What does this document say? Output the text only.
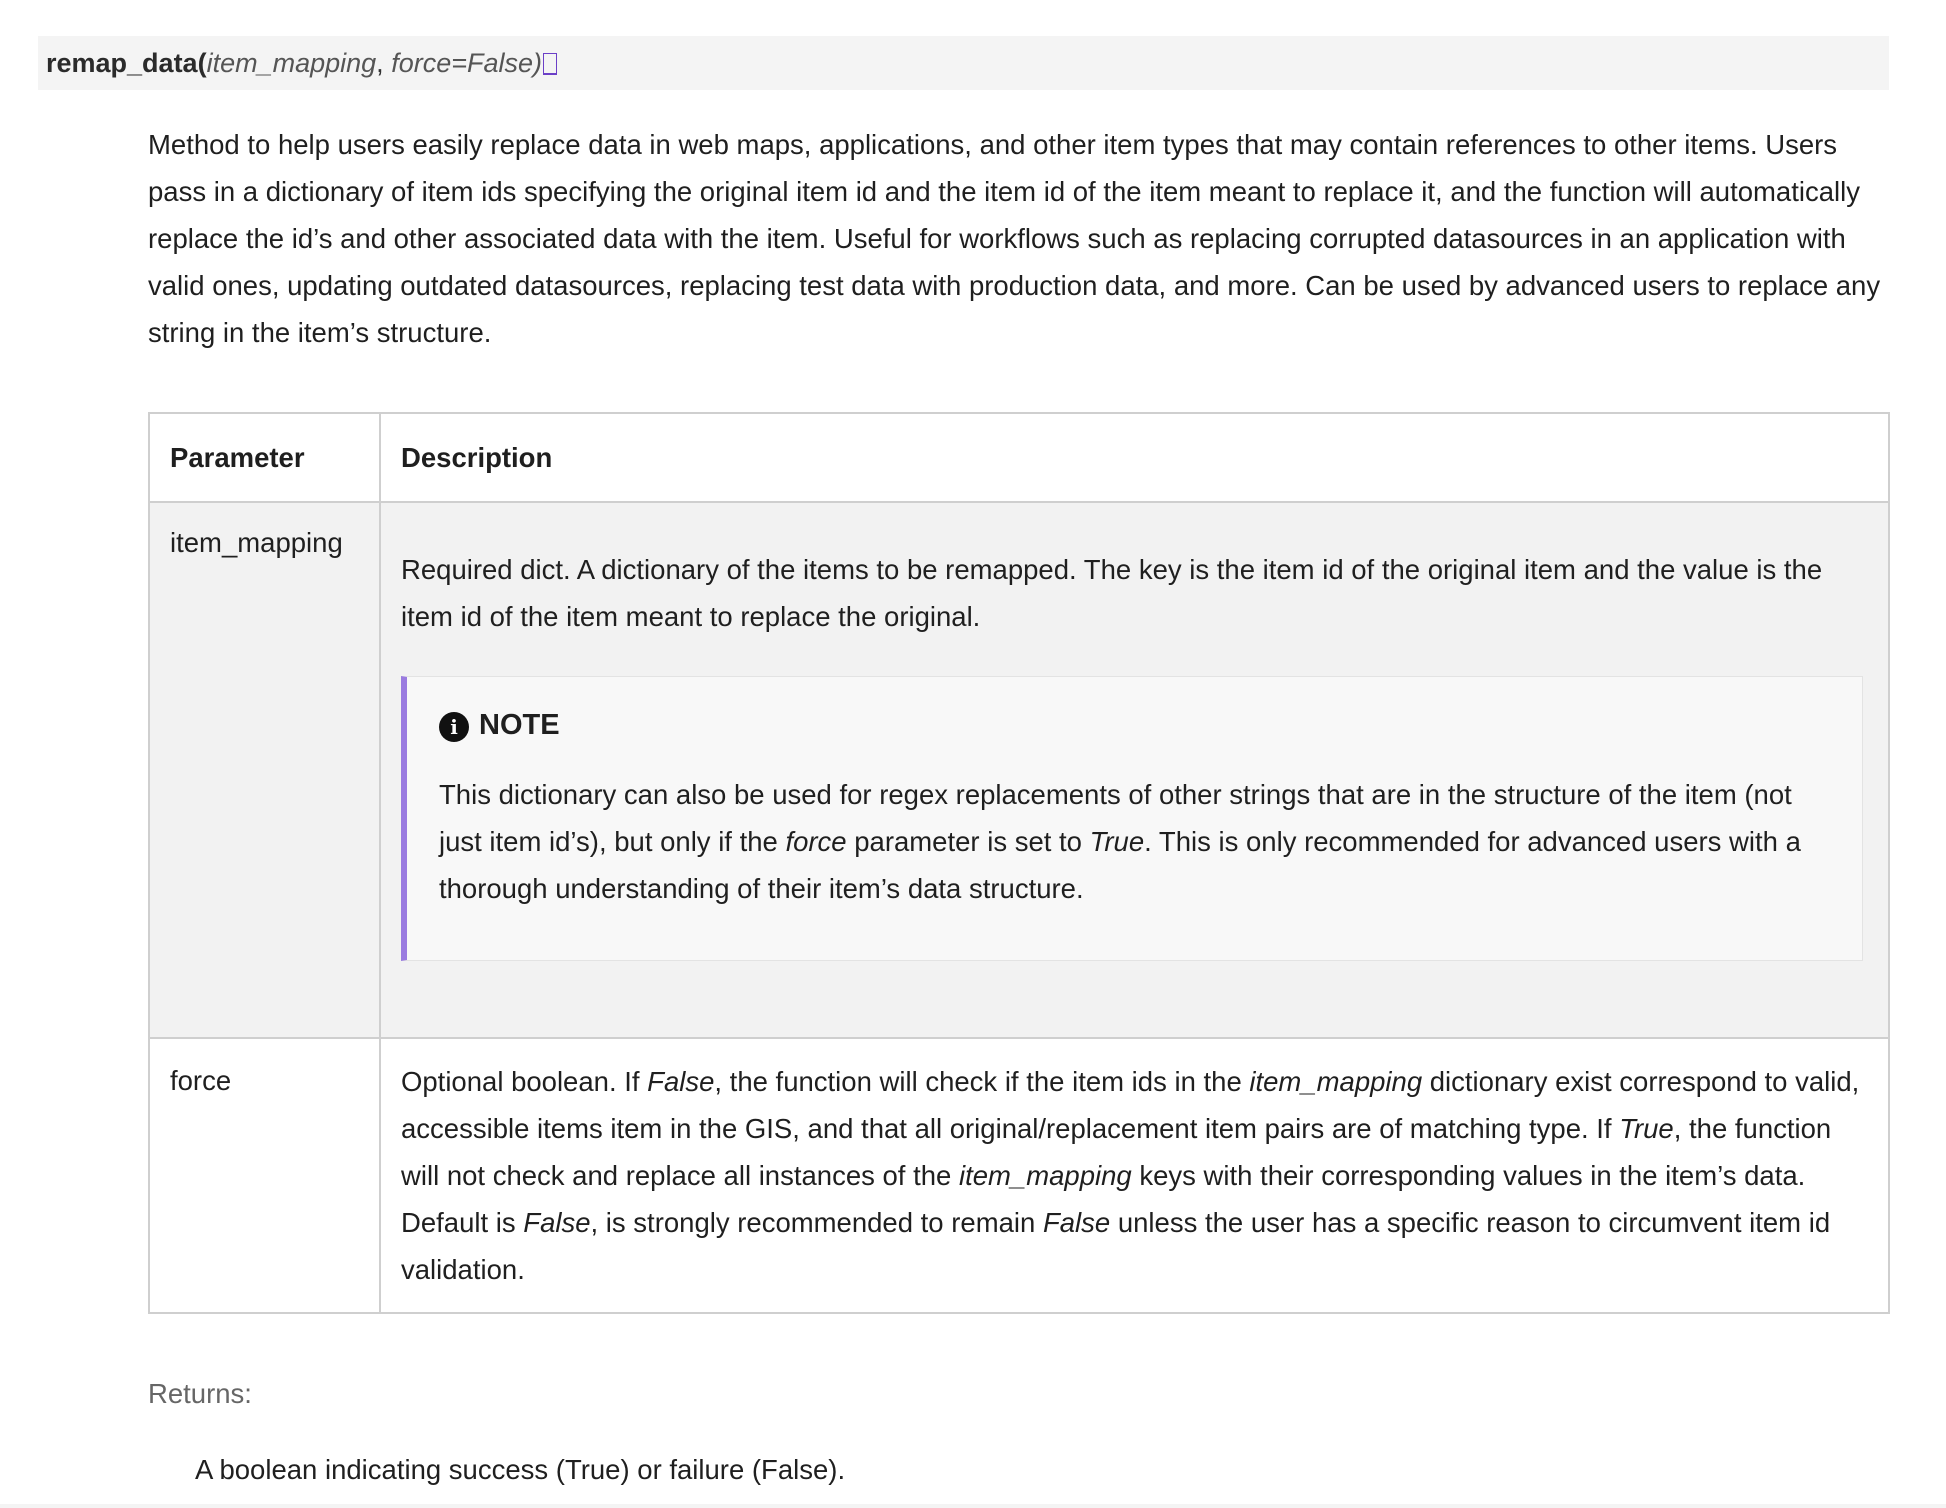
remap_data(item_mapping, force=False)

Method to help users easily replace data in web maps, applications, and other item types that may contain references to other items. Users pass in a dictionary of item ids specifying the original item id and the item id of the item meant to replace it, and the function will automatically replace the id’s and other associated data with the item. Useful for workflows such as replacing corrupted datasources in an application with valid ones, updating outdated datasources, replacing test data with production data, and more. Can be used by advanced users to replace any string in the item’s structure.

Parameter	Description
item_mapping	Required dict. A dictionary of the items to be remapped. The key is the item id of the original item and the value is the item id of the item meant to replace the original.

i NOTE
This dictionary can also be used for regex replacements of other strings that are in the structure of the item (not just item id’s), but only if the force parameter is set to True. This is only recommended for advanced users with a thorough understanding of their item’s data structure.

force	Optional boolean. If False, the function will check if the item ids in the item_mapping dictionary exist correspond to valid, accessible items item in the GIS, and that all original/replacement item pairs are of matching type. If True, the function will not check and replace all instances of the item_mapping keys with their corresponding values in the item’s data. Default is False, is strongly recommended to remain False unless the user has a specific reason to circumvent item id validation.

Returns:
A boolean indicating success (True) or failure (False).
